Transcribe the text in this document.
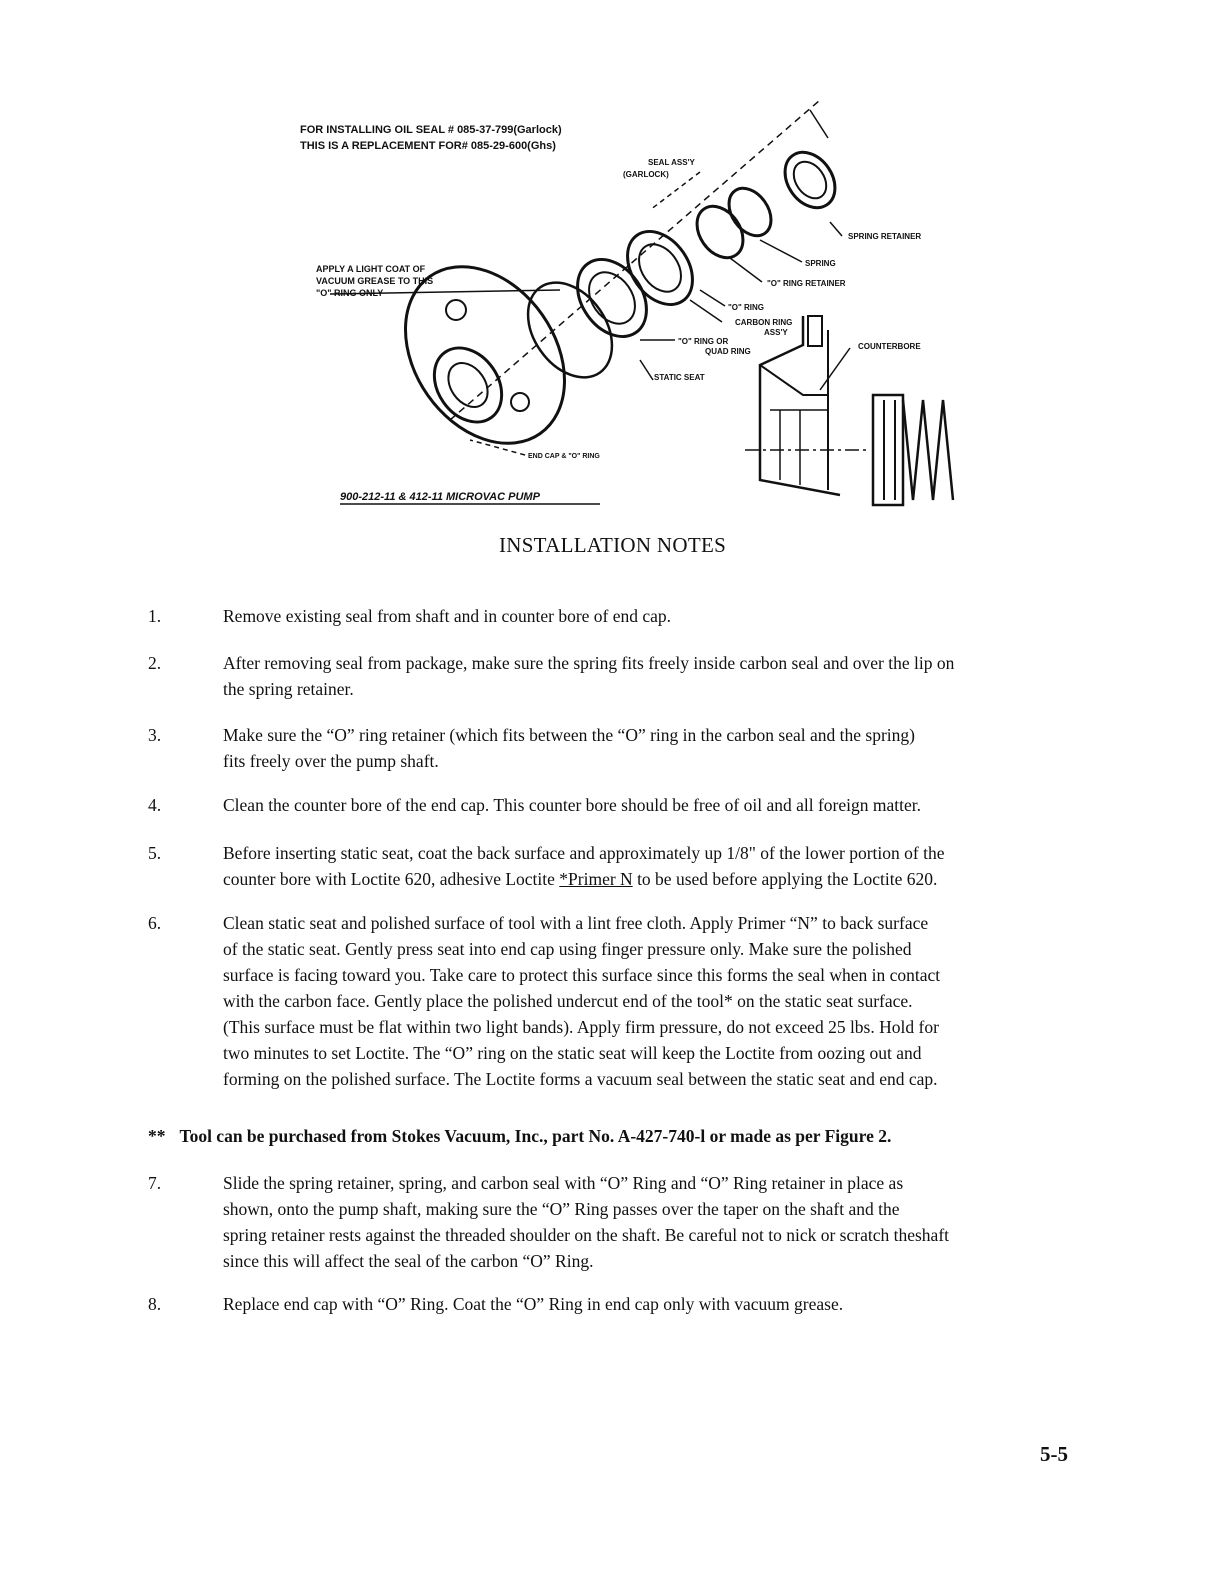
FOR INSTALLING OIL SEAL # 085-37-799(Garlock)
THIS IS A REPLACEMENT FOR# 085-29-600(Ghs)
SEAL ASS'Y
(GARLOCK)
APPLY A LIGHT COAT OF
VACUUM GREASE TO THIS
"O" RING ONLY
SPRING RETAINER
SPRING
"O" RING RETAINER
"O" RING
CARBON RING
ASS'Y
"O" RING OR
QUAD RING
STATIC SEAT
COUNTERBORE
END CAP & "O" RING
900-212-11 & 412-11 MICROVAC PUMP
INSTALLATION NOTES
1.	Remove existing seal from shaft and in counter bore of end cap.
2.	After removing seal from package, make sure the spring fits freely inside carbon seal and over the lip on
the spring retainer.
3.	Make sure the “O” ring retainer (which fits between the “O” ring in the carbon seal and the spring)
fits freely over the pump shaft.
4.	Clean the counter bore of the end cap. This counter bore should be free of oil and all foreign matter.
5.	Before inserting static seat, coat the back surface and approximately up 1/8" of the lower portion of the
counter bore with Loctite 620, adhesive Loctite *Primer N to be used before applying the Loctite 620.
6.	Clean static seat and polished surface of tool with a lint free cloth. Apply Primer “N” to back surface
of the static seat. Gently press seat into end cap using finger pressure only. Make sure the polished
surface is facing toward you. Take care to protect this surface since this forms the seal when in contact
with the carbon face. Gently place the polished undercut end of the tool* on the static seat surface.
(This surface must be flat within two light bands). Apply firm pressure, do not exceed 25 lbs. Hold for
two minutes to set Loctite. The “O” ring on the static seat will keep the Loctite from oozing out and
forming on the polished surface. The Loctite forms a vacuum seal between the static seat and end cap.
** Tool can be purchased from Stokes Vacuum, Inc., part No. A-427-740-l or made as per Figure 2.
7.	Slide the spring retainer, spring, and carbon seal with “O” Ring and “O” Ring retainer in place as
shown, onto the pump shaft, making sure the “O” Ring passes over the taper on the shaft and the
spring retainer rests against the threaded shoulder on the shaft. Be careful not to nick or scratch theshaft
since this will affect the seal of the carbon “O” Ring.
8.	Replace end cap with “O” Ring. Coat the “O” Ring in end cap only with vacuum grease.
5-5
